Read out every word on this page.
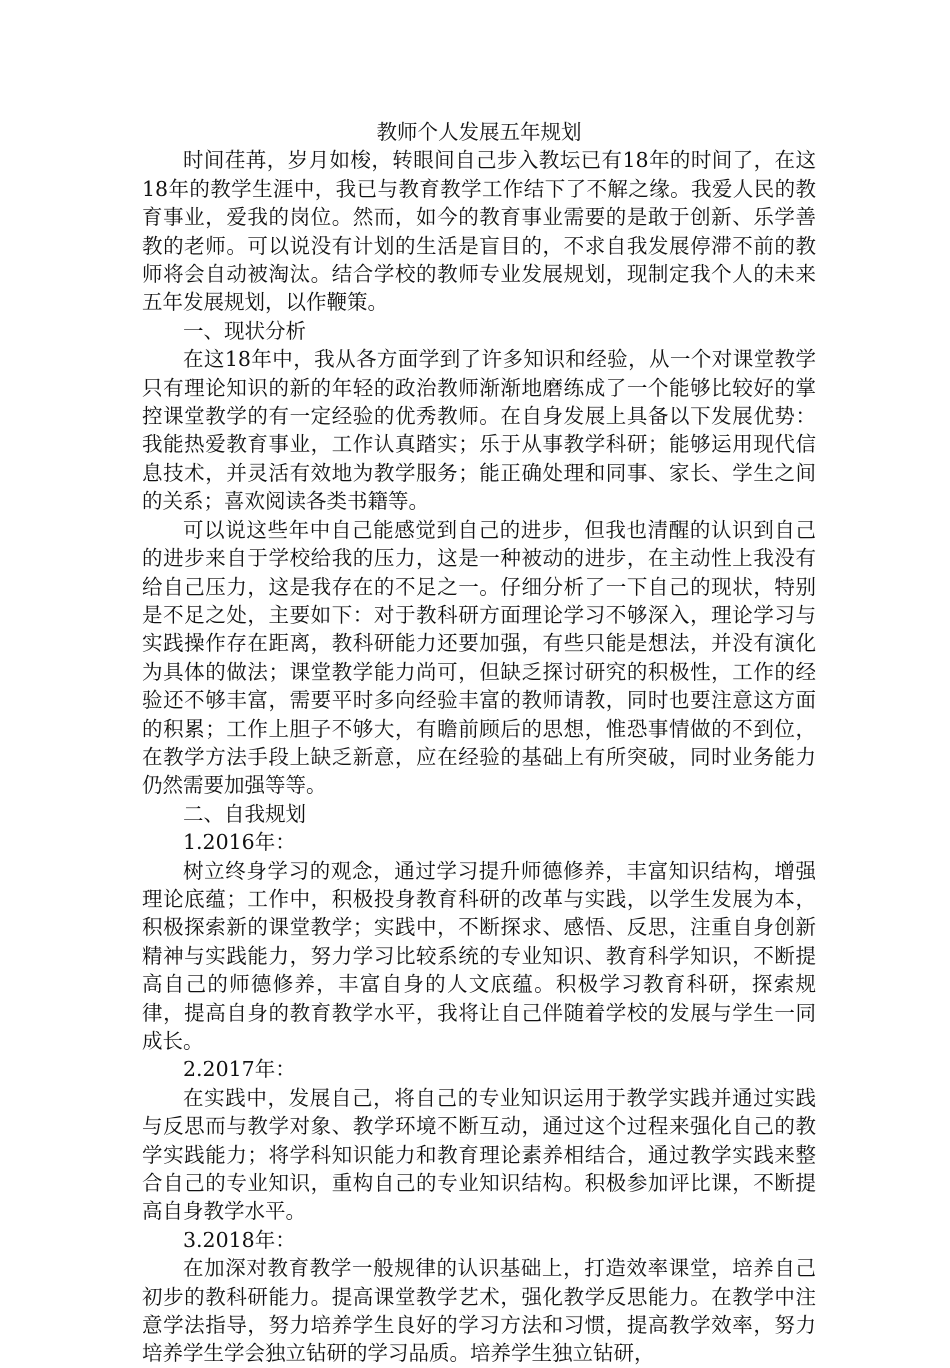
教师个人发展五年规划

时间荏苒，岁月如梭，转眼间自己步入教坛已有18年的时间了，在这18年的教学生涯中，我已与教育教学工作结下了不解之缘。我爱人民的教育事业，爱我的岗位。然而，如今的教育事业需要的是敢于创新、乐学善教的老师。可以说没有计划的生活是盲目的，不求自我发展停滞不前的教师将会自动被淘汰。结合学校的教师专业发展规划，现制定我个人的未来五年发展规划，以作鞭策。

一、现状分析

在这18年中，我从各方面学到了许多知识和经验，从一个对课堂教学只有理论知识的新的年轻的政治教师渐渐地磨练成了一个能够比较好的掌控课堂教学的有一定经验的优秀教师。在自身发展上具备以下发展优势：我能热爱教育事业，工作认真踏实；乐于从事教学科研；能够运用现代信息技术，并灵活有效地为教学服务；能正确处理和同事、家长、学生之间的关系；喜欢阅读各类书籍等。

可以说这些年中自己能感觉到自己的进步，但我也清醒的认识到自己的进步来自于学校给我的压力，这是一种被动的进步，在主动性上我没有给自己压力，这是我存在的不足之一。仔细分析了一下自己的现状，特别是不足之处，主要如下：对于教科研方面理论学习不够深入，理论学习与实践操作存在距离，教科研能力还要加强，有些只能是想法，并没有演化为具体的做法；课堂教学能力尚可，但缺乏探讨研究的积极性，工作的经验还不够丰富，需要平时多向经验丰富的教师请教，同时也要注意这方面的积累；工作上胆子不够大，有瞻前顾后的思想，惟恐事情做的不到位，在教学方法手段上缺乏新意，应在经验的基础上有所突破，同时业务能力仍然需要加强等等。

二、自我规划

1.2016年：

树立终身学习的观念，通过学习提升师德修养，丰富知识结构，增强理论底蕴；工作中，积极投身教育科研的改革与实践，以学生发展为本，积极探索新的课堂教学；实践中，不断探求、感悟、反思，注重自身创新精神与实践能力，努力学习比较系统的专业知识、教育科学知识，不断提高自己的师德修养，丰富自身的人文底蕴。积极学习教育科研，探索规律，提高自身的教育教学水平，我将让自己伴随着学校的发展与学生一同成长。

2.2017年：

在实践中，发展自己，将自己的专业知识运用于教学实践并通过实践与反思而与教学对象、教学环境不断互动，通过这个过程来强化自己的教学实践能力；将学科知识能力和教育理论素养相结合，通过教学实践来整合自己的专业知识，重构自己的专业知识结构。积极参加评比课，不断提高自身教学水平。

3.2018年：

在加深对教育教学一般规律的认识基础上，打造效率课堂，培养自己初步的教科研能力。提高课堂教学艺术，强化教学反思能力。在教学中注意学法指导，努力培养学生良好的学习方法和习惯，提高教学效率，努力培养学生学会独立钻研的学习品质。培养学生独立钻研，
